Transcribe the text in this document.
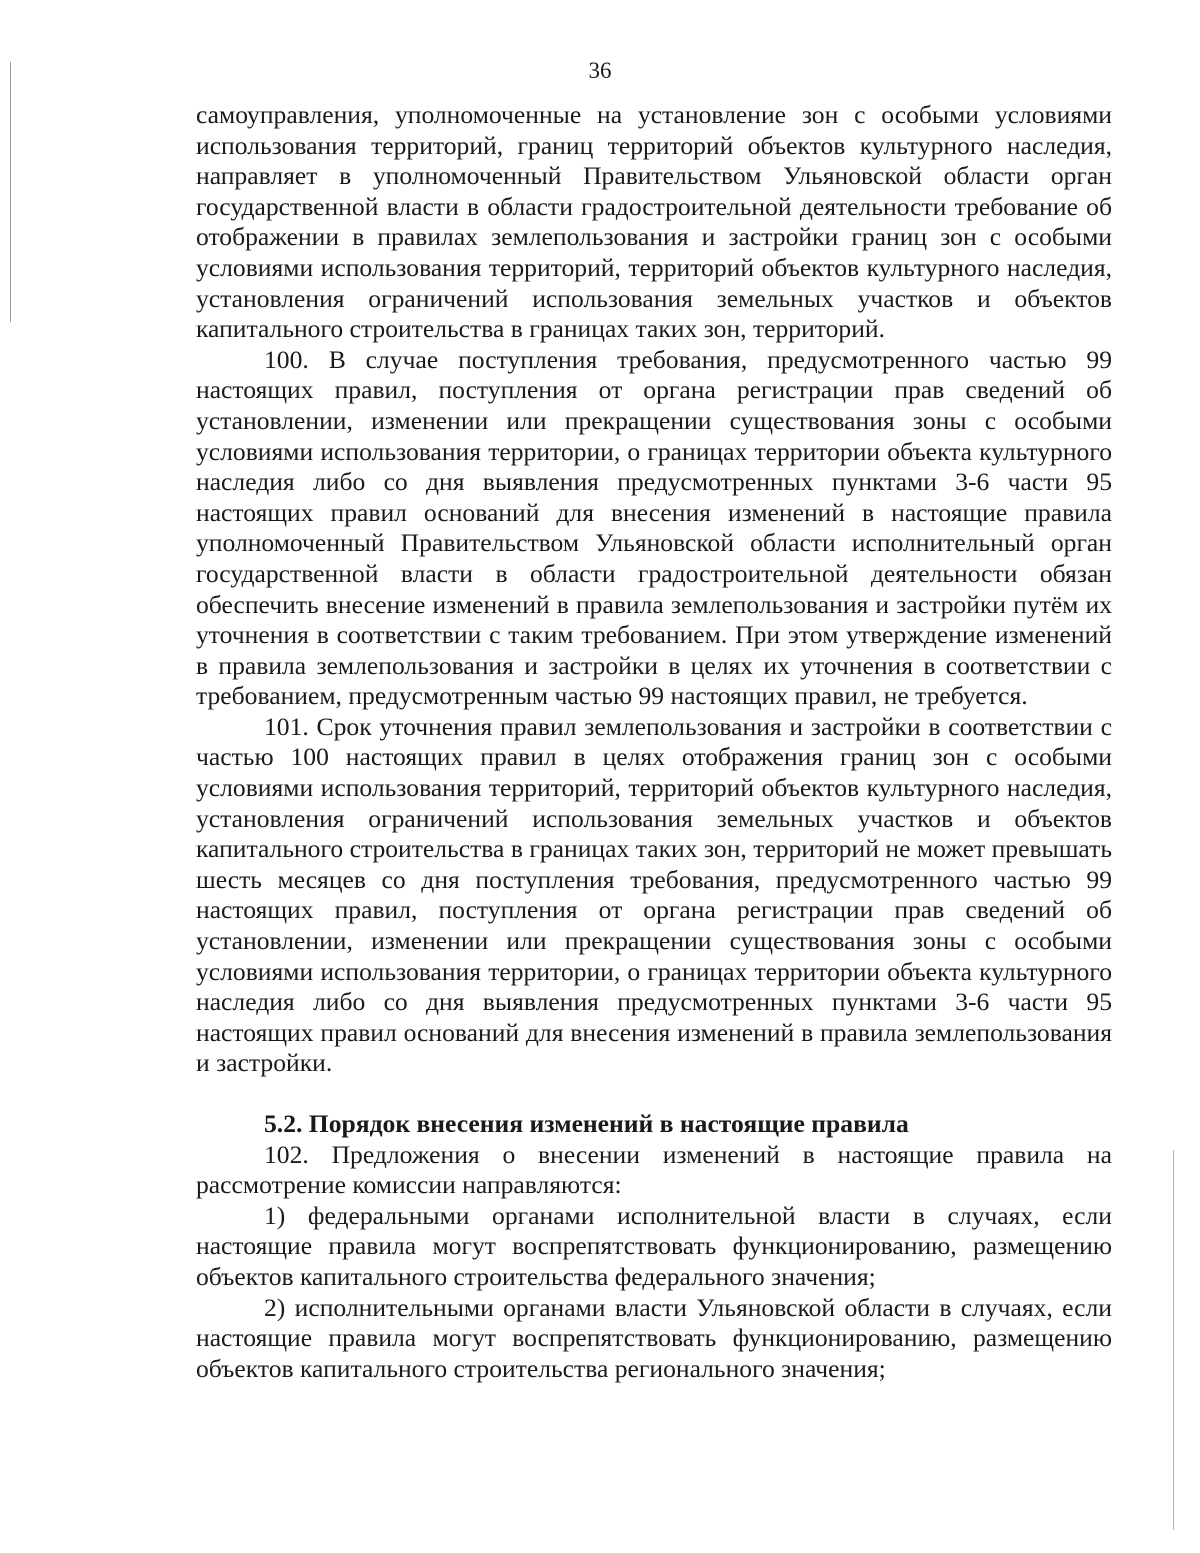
36

самоуправления, уполномоченные на установление зон с особыми условиями использования территорий, границ территорий объектов культурного наследия, направляет в уполномоченный Правительством Ульяновской области орган государственной власти в области градостроительной деятельности требование об отображении в правилах землепользования и застройки границ зон с особыми условиями использования территорий, территорий объектов культурного наследия, установления ограничений использования земельных участков и объектов капитального строительства в границах таких зон, территорий.

100. В случае поступления требования, предусмотренного частью 99 настоящих правил, поступления от органа регистрации прав сведений об установлении, изменении или прекращении существования зоны с особыми условиями использования территории, о границах территории объекта культурного наследия либо со дня выявления предусмотренных пунктами 3-6 части 95 настоящих правил оснований для внесения изменений в настоящие правила уполномоченный Правительством Ульяновской области исполнительный орган государственной власти в области градостроительной деятельности обязан обеспечить внесение изменений в правила землепользования и застройки путём их уточнения в соответствии с таким требованием. При этом утверждение изменений в правила землепользования и застройки в целях их уточнения в соответствии с требованием, предусмотренным частью 99 настоящих правил, не требуется.

101. Срок уточнения правил землепользования и застройки в соответствии с частью 100 настоящих правил в целях отображения границ зон с особыми условиями использования территорий, территорий объектов культурного наследия, установления ограничений использования земельных участков и объектов капитального строительства в границах таких зон, территорий не может превышать шесть месяцев со дня поступления требования, предусмотренного частью 99 настоящих правил, поступления от органа регистрации прав сведений об установлении, изменении или прекращении существования зоны с особыми условиями использования территории, о границах территории объекта культурного наследия либо со дня выявления предусмотренных пунктами 3-6 части 95 настоящих правил оснований для внесения изменений в правила землепользования и застройки.

5.2. Порядок внесения изменений в настоящие правила

102. Предложения о внесении изменений в настоящие правила на рассмотрение комиссии направляются:

1) федеральными органами исполнительной власти в случаях, если настоящие правила могут воспрепятствовать функционированию, размещению объектов капитального строительства федерального значения;

2) исполнительными органами власти Ульяновской области в случаях, если настоящие правила могут воспрепятствовать функционированию, размещению объектов капитального строительства регионального значения;
